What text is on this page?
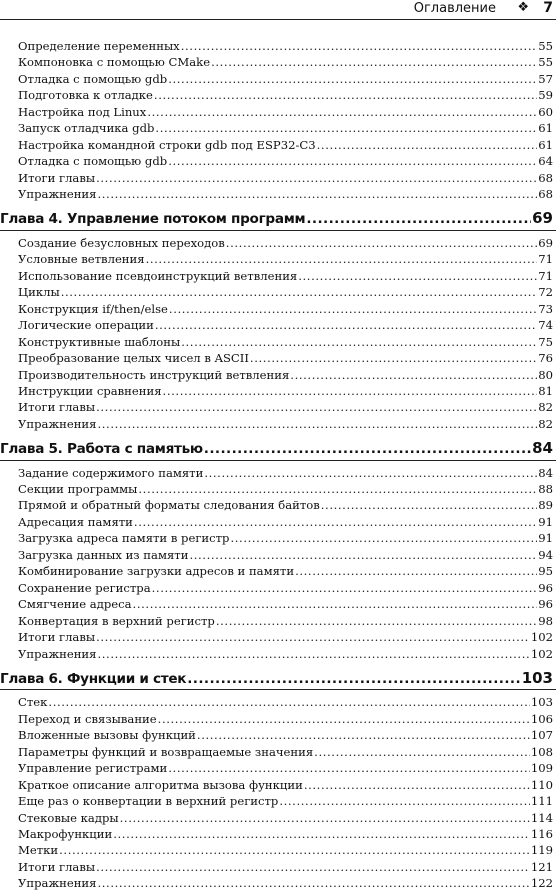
Оглавление ❖ 7
Определение переменных .....	55
Компоновка с помощью CMake .....	55
Отладка с помощью gdb .....	57
Подготовка к отладке .....	59
Настройка под Linux .....	60
Запуск отладчика gdb .....	61
Настройка командной строки gdb под ESP32-C3 .....	61
Отладка с помощью gdb .....	64
Итоги главы .....	68
Упражнения .....	68
Глава 4. Управление потоком программ .....	69
Создание безусловных переходов .....	69
Условные ветвления .....	71
Использование псевдоинструкций ветвления .....	71
Циклы .....	72
Конструкция if/then/else .....	73
Логические операции .....	74
Конструктивные шаблоны .....	75
Преобразование целых чисел в ASCII .....	76
Производительность инструкций ветвления .....	80
Инструкции сравнения .....	81
Итоги главы .....	82
Упражнения .....	82
Глава 5. Работа с памятью .....	84
Задание содержимого памяти .....	84
Секции программы .....	88
Прямой и обратный форматы следования байтов .....	89
Адресация памяти .....	91
Загрузка адреса памяти в регистр .....	91
Загрузка данных из памяти .....	94
Комбинирование загрузки адресов и памяти .....	95
Сохранение регистра .....	96
Смягчение адреса .....	96
Конвертация в верхний регистр .....	98
Итоги главы .....	102
Упражнения .....	102
Глава 6. Функции и стек .....	103
Стек .....	103
Переход и связывание .....	106
Вложенные вызовы функций .....	107
Параметры функций и возвращаемые значения .....	108
Управление регистрами .....	109
Краткое описание алгоритма вызова функции .....	110
Еще раз о конвертации в верхний регистр .....	111
Стековые кадры .....	114
Макрофункции .....	116
Метки .....	119
Итоги главы .....	121
Упражнения .....	122
